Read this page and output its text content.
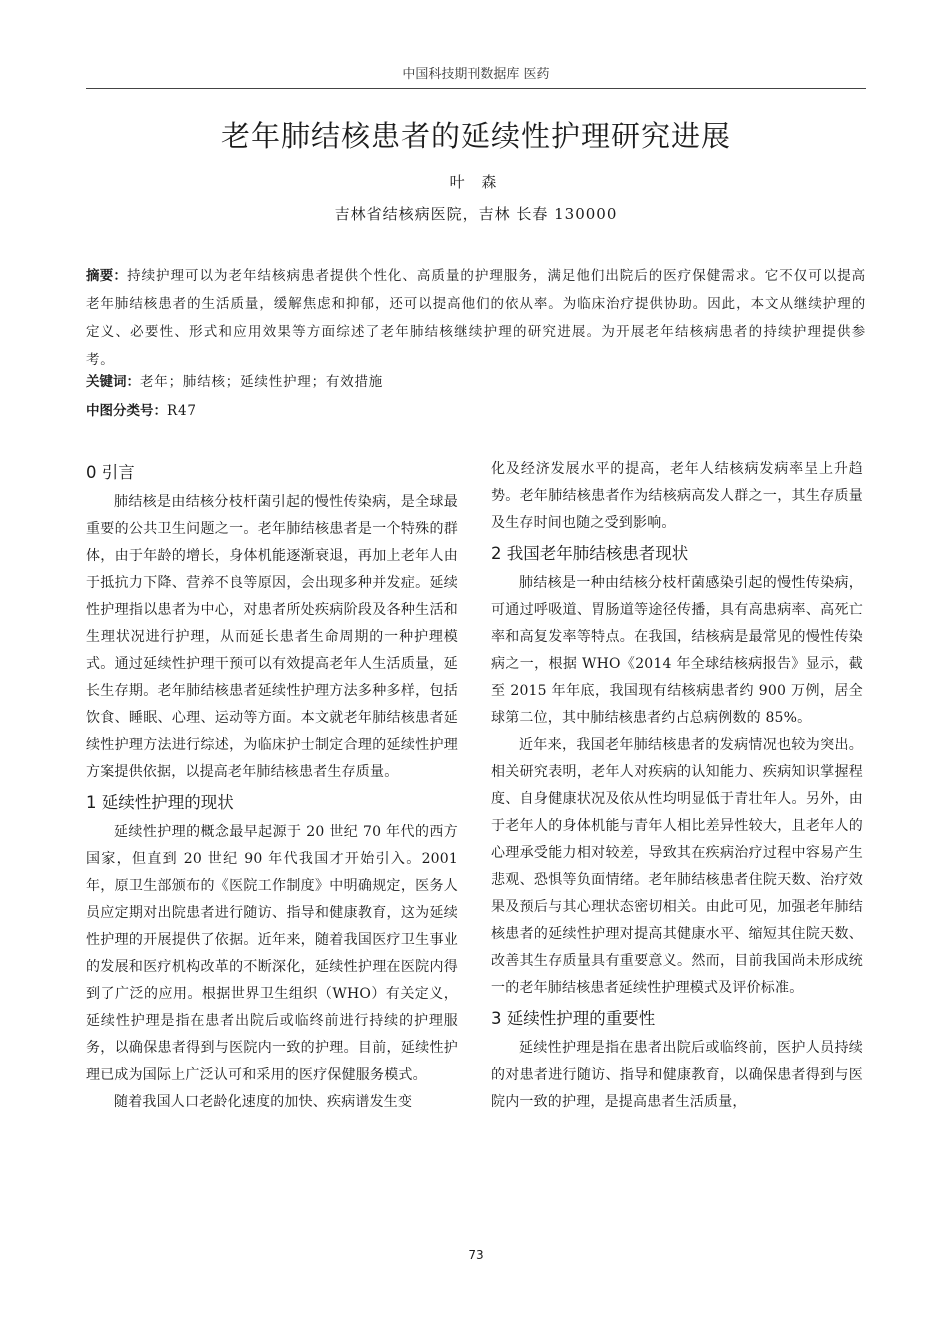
中国科技期刊数据库 医药
老年肺结核患者的延续性护理研究进展
叶 森
吉林省结核病医院，吉林 长春 130000
摘要：持续护理可以为老年结核病患者提供个性化、高质量的护理服务，满足他们出院后的医疗保健需求。它不仅可以提高老年肺结核患者的生活质量，缓解焦虑和抑郁，还可以提高他们的依从率。为临床治疗提供协助。因此，本文从继续护理的定义、必要性、形式和应用效果等方面综述了老年肺结核继续护理的研究进展。为开展老年结核病患者的持续护理提供参考。
关键词：老年；肺结核；延续性护理；有效措施
中图分类号：R47
0 引言

肺结核是由结核分枝杆菌引起的慢性传染病，是全球最重要的公共卫生问题之一。老年肺结核患者是一个特殊的群体，由于年龄的增长，身体机能逐渐衰退，再加上老年人由于抵抗力下降、营养不良等原因，会出现多种并发症。延续性护理指以患者为中心，对患者所处疾病阶段及各种生活和生理状况进行护理，从而延长患者生命周期的一种护理模式。通过延续性护理干预可以有效提高老年人生活质量，延长生存期。老年肺结核患者延续性护理方法多种多样，包括饮食、睡眠、心理、运动等方面。本文就老年肺结核患者延续性护理方法进行综述，为临床护士制定合理的延续性护理方案提供依据，以提高老年肺结核患者生存质量。

1 延续性护理的现状

延续性护理的概念最早起源于 20 世纪 70 年代的西方国家，但直到 20 世纪 90 年代我国才开始引入。2001 年，原卫生部颁布的《医院工作制度》中明确规定，医务人员应定期对出院患者进行随访、指导和健康教育，这为延续性护理的开展提供了依据。近年来，随着我国医疗卫生事业的发展和医疗机构改革的不断深化，延续性护理在医院内得到了广泛的应用。根据世界卫生组织（WHO）有关定义，延续性护理是指在患者出院后或临终前进行持续的护理服务，以确保患者得到与医院内一致的护理。目前，延续性护理已成为国际上广泛认可和采用的医疗保健服务模式。

随着我国人口老龄化速度的加快、疾病谱发生变

化及经济发展水平的提高，老年人结核病发病率呈上升趋势。老年肺结核患者作为结核病高发人群之一，其生存质量及生存时间也随之受到影响。

2 我国老年肺结核患者现状

肺结核是一种由结核分枝杆菌感染引起的慢性传染病，可通过呼吸道、胃肠道等途径传播，具有高患病率、高死亡率和高复发率等特点。在我国，结核病是最常见的慢性传染病之一，根据 WHO《2014 年全球结核病报告》显示，截至 2015 年年底，我国现有结核病患者约 900 万例，居全球第二位，其中肺结核患者约占总病例数的 85%。

近年来，我国老年肺结核患者的发病情况也较为突出。相关研究表明，老年人对疾病的认知能力、疾病知识掌握程度、自身健康状况及依从性均明显低于青壮年人。另外，由于老年人的身体机能与青年人相比差异性较大，且老年人的心理承受能力相对较差，导致其在疾病治疗过程中容易产生悲观、恐惧等负面情绪。老年肺结核患者住院天数、治疗效果及预后与其心理状态密切相关。由此可见，加强老年肺结核患者的延续性护理对提高其健康水平、缩短其住院天数、改善其生存质量具有重要意义。然而，目前我国尚未形成统一的老年肺结核患者延续性护理模式及评价标准。

3 延续性护理的重要性

延续性护理是指在患者出院后或临终前，医护人员持续的对患者进行随访、指导和健康教育，以确保患者得到与医院内一致的护理，是提高患者生活质量，

73
